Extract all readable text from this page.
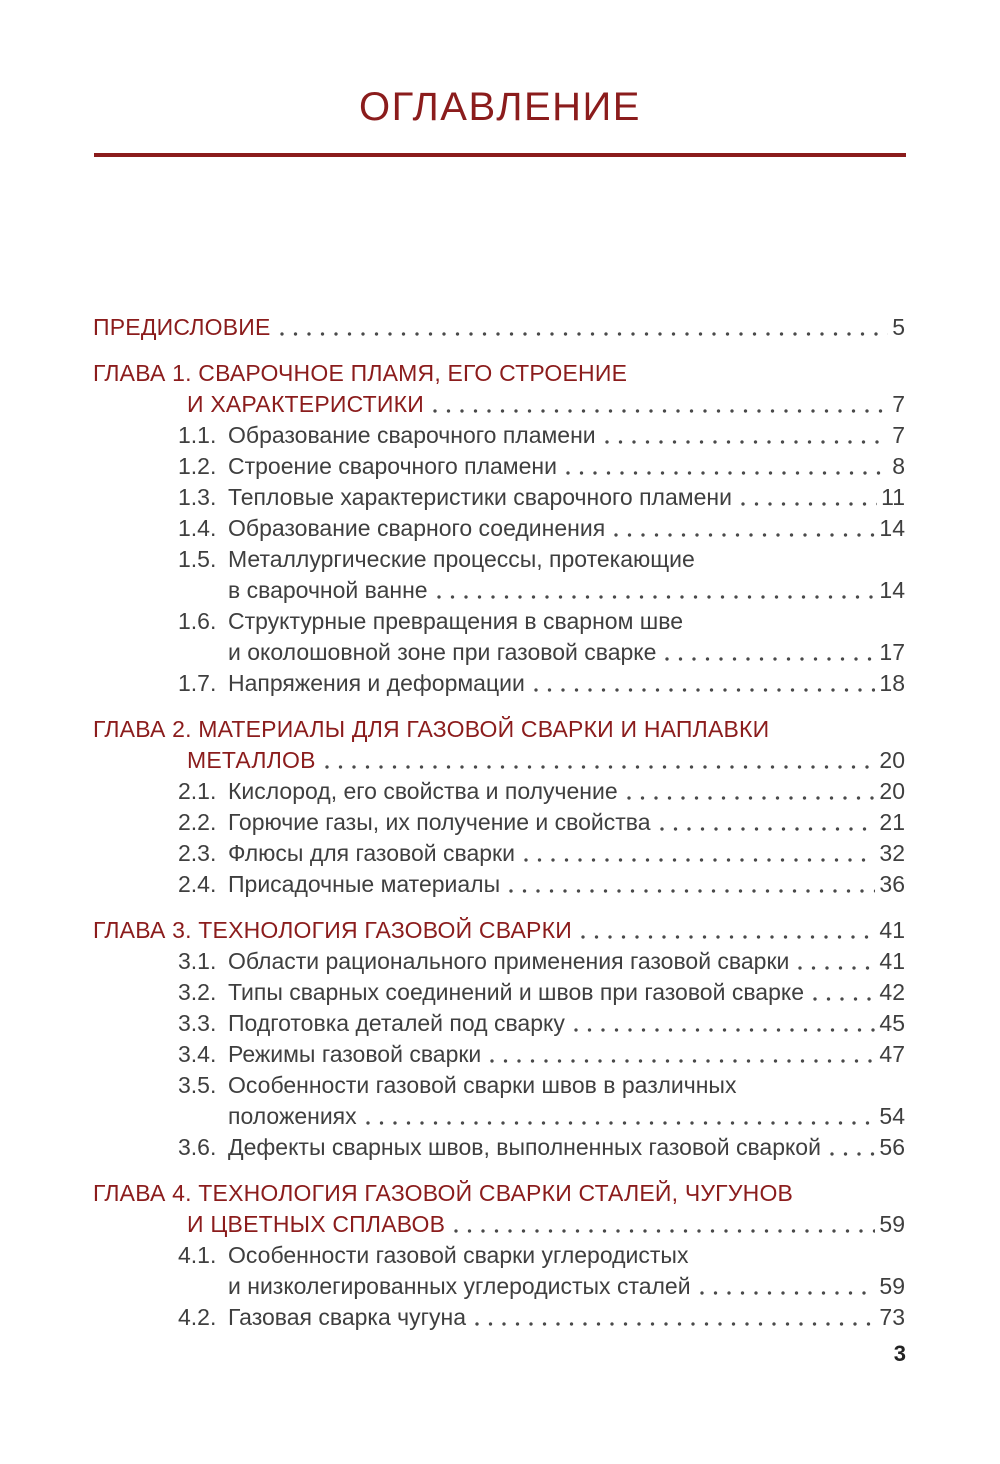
ОГЛАВЛЕНИЕ
ПРЕДИСЛОВИЕ	5
ГЛАВА 1. СВАРОЧНОЕ ПЛАМЯ, ЕГО СТРОЕНИЕ
И ХАРАКТЕРИСТИКИ	7
1.1. Образование сварочного пламени	7
1.2. Строение сварочного пламени	8
1.3. Тепловые характеристики сварочного пламени	11
1.4. Образование сварного соединения	14
1.5. Металлургические процессы, протекающие
в сварочной ванне	14
1.6. Структурные превращения в сварном шве
и околошовной зоне при газовой сварке	17
1.7. Напряжения и деформации	18
ГЛАВА 2. МАТЕРИАЛЫ ДЛЯ ГАЗОВОЙ СВАРКИ И НАПЛАВКИ
МЕТАЛЛОВ	20
2.1. Кислород, его свойства и получение	20
2.2. Горючие газы, их получение и свойства	21
2.3. Флюсы для газовой сварки	32
2.4. Присадочные материалы	36
ГЛАВА 3. ТЕХНОЛОГИЯ ГАЗОВОЙ СВАРКИ	41
3.1. Области рационального применения газовой сварки	41
3.2. Типы сварных соединений и швов при газовой сварке	42
3.3. Подготовка деталей под сварку	45
3.4. Режимы газовой сварки	47
3.5. Особенности газовой сварки швов в различных
положениях	54
3.6. Дефекты сварных швов, выполненных газовой сваркой	56
ГЛАВА 4. ТЕХНОЛОГИЯ ГАЗОВОЙ СВАРКИ СТАЛЕЙ, ЧУГУНОВ
И ЦВЕТНЫХ СПЛАВОВ	59
4.1. Особенности газовой сварки углеродистых
и низколегированных углеродистых сталей	59
4.2. Газовая сварка чугуна	73
3
